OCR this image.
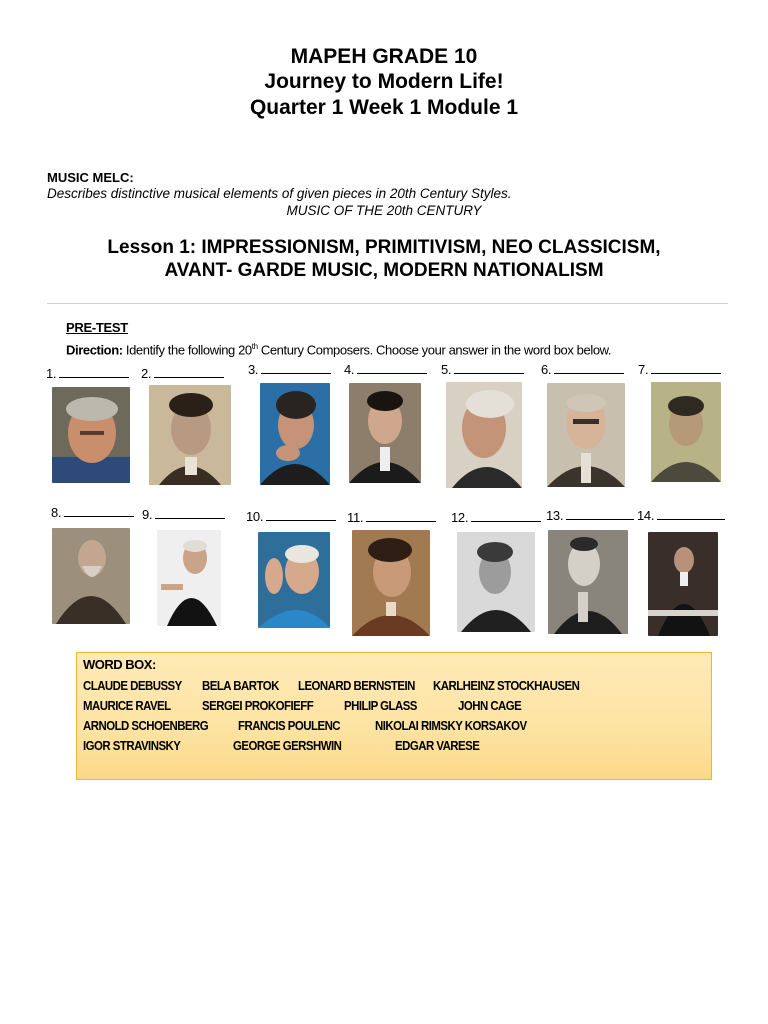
MAPEH GRADE 10
Journey to Modern Life!
Quarter 1 Week 1 Module 1
MUSIC MELC:
Describes distinctive musical elements of given pieces in 20th Century Styles.
MUSIC OF THE 20th CENTURY
Lesson 1: IMPRESSIONISM, PRIMITIVISM, NEO CLASSICISM,
AVANT- GARDE MUSIC, MODERN NATIONALISM
PRE-TEST
Direction: Identify the following 20th Century Composers. Choose your answer in the word box below.
1.	2.	3.	4.	5.	6.	7.
8.	9.	10.	11.	12.	13.	14.
WORD BOX:
CLAUDE DEBUSSY BELA BARTOK LEONARD BERNSTEIN KARLHEINZ STOCKHAUSEN
MAURICE RAVEL SERGEI PROKOFIEFF PHILIP GLASS	JOHN CAGE
ARNOLD SCHOENBERG FRANCIS POULENC	NIKOLAI RIMSKY KORSAKOV
IGOR STRAVINSKY	GEORGE GERSHWIN	EDGAR VARESE
